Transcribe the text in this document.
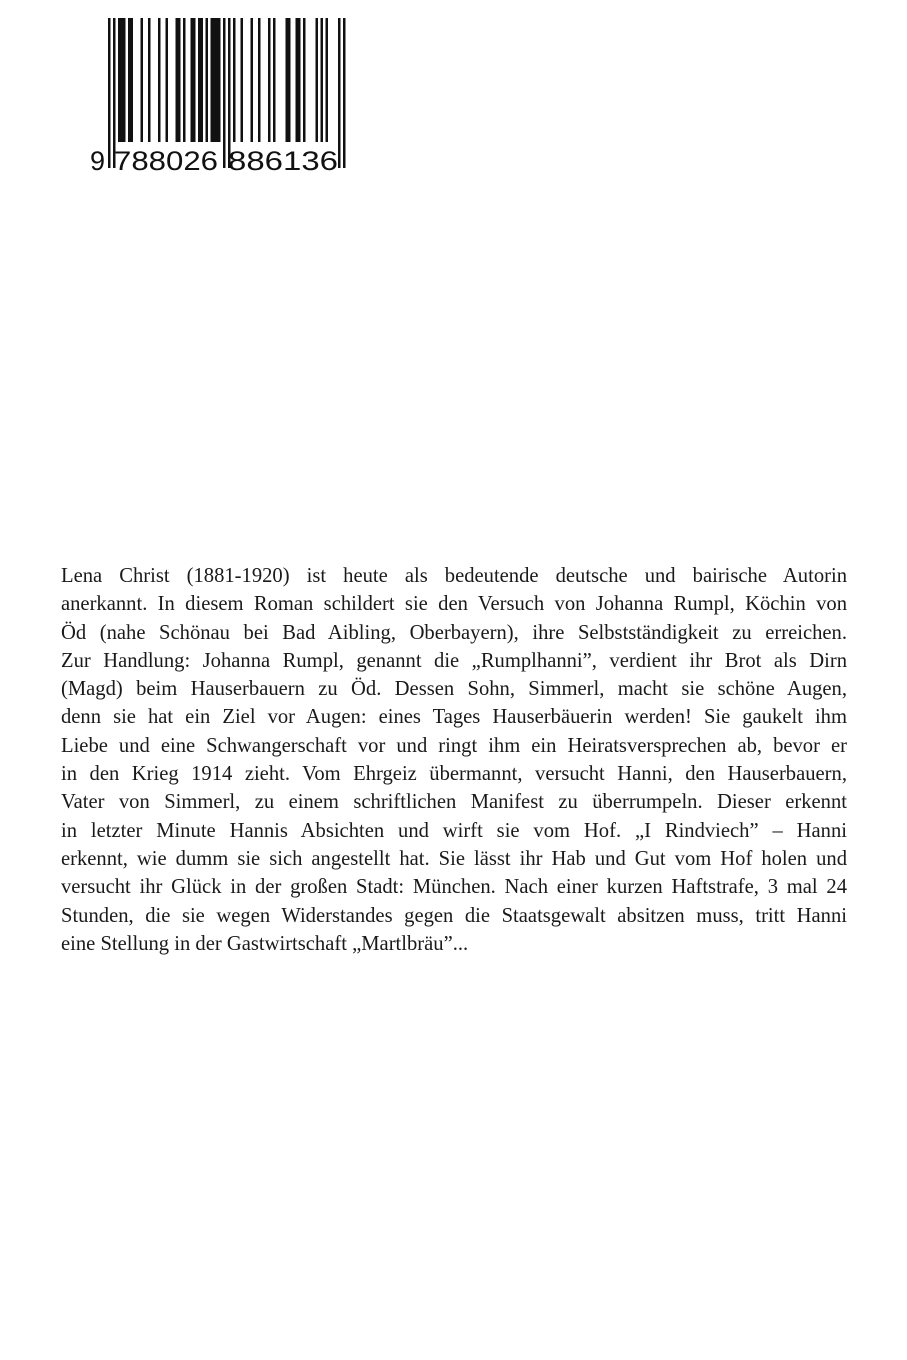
9 788026 886136
Lena Christ (1881-1920) ist heute als bedeutende deutsche und bairische Autorin
anerkannt. In diesem Roman schildert sie den Versuch von Johanna Rumpl, Köchin von
Öd (nahe Schönau bei Bad Aibling, Oberbayern), ihre Selbstständigkeit zu erreichen.
Zur Handlung: Johanna Rumpl, genannt die „Rumplhanni”, verdient ihr Brot als Dirn
(Magd) beim Hauserbauern zu Öd. Dessen Sohn, Simmerl, macht sie schöne Augen,
denn sie hat ein Ziel vor Augen: eines Tages Hauserbäuerin werden! Sie gaukelt ihm
Liebe und eine Schwangerschaft vor und ringt ihm ein Heiratsversprechen ab, bevor er
in den Krieg 1914 zieht. Vom Ehrgeiz übermannt, versucht Hanni, den Hauserbauern,
Vater von Simmerl, zu einem schriftlichen Manifest zu überrumpeln. Dieser erkennt
in letzter Minute Hannis Absichten und wirft sie vom Hof. „I Rindviech” – Hanni
erkennt, wie dumm sie sich angestellt hat. Sie lässt ihr Hab und Gut vom Hof holen und
versucht ihr Glück in der großen Stadt: München. Nach einer kurzen Haftstrafe, 3 mal 24
Stunden, die sie wegen Widerstandes gegen die Staatsgewalt absitzen muss, tritt Hanni
eine Stellung in der Gastwirtschaft „Martlbräu”...
